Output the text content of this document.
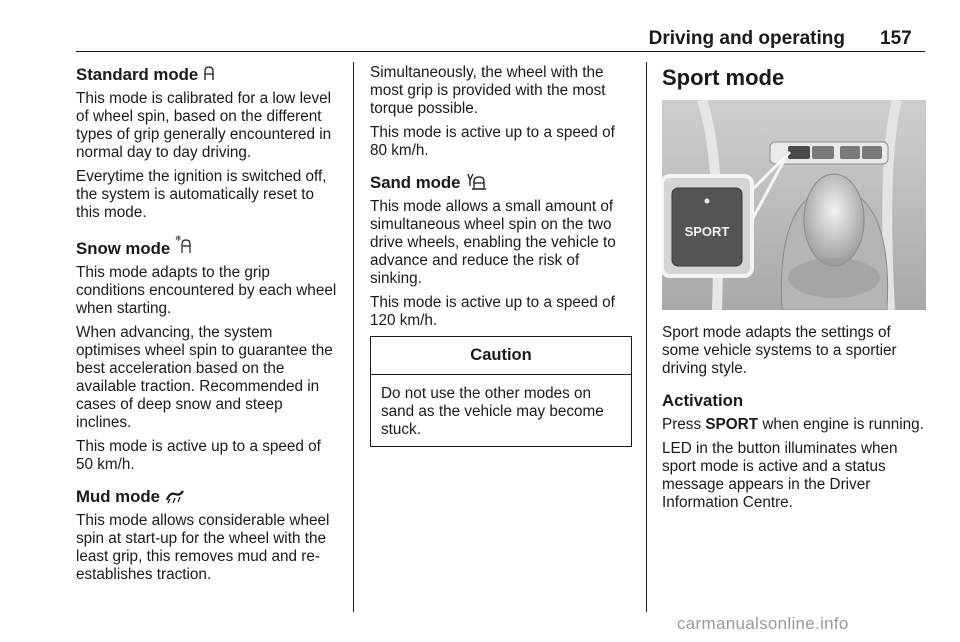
Driving and operating 157
Standard mode

This mode is calibrated for a low level of wheel spin, based on the different types of grip generally encountered in normal day to day driving.

Everytime the ignition is switched off, the system is automatically reset to this mode.

Snow mode
❄

This mode adapts to the grip conditions encountered by each wheel when starting.

When advancing, the system optimises wheel spin to guarantee the best acceleration based on the available traction. Recommended in cases of deep snow and steep inclines.

This mode is active up to a speed of 50 km/h.

Mud mode

This mode allows considerable wheel spin at start-up for the wheel with the least grip, this removes mud and re-establishes traction.

Simultaneously, the wheel with the most grip is provided with the most torque possible.

This mode is active up to a speed of 80 km/h.

Sand mode

This mode allows a small amount of simultaneous wheel spin on the two drive wheels, enabling the vehicle to advance and reduce the risk of sinking.

This mode is active up to a speed of 120 km/h.

Caution

Do not use the other modes on sand as the vehicle may become stuck.

Sport mode
SPORT

Sport mode adapts the settings of some vehicle systems to a sportier driving style.

Activation

Press SPORT when engine is running.

LED in the button illuminates when sport mode is active and a status message appears in the Driver Information Centre.

carmanualsonline.info
